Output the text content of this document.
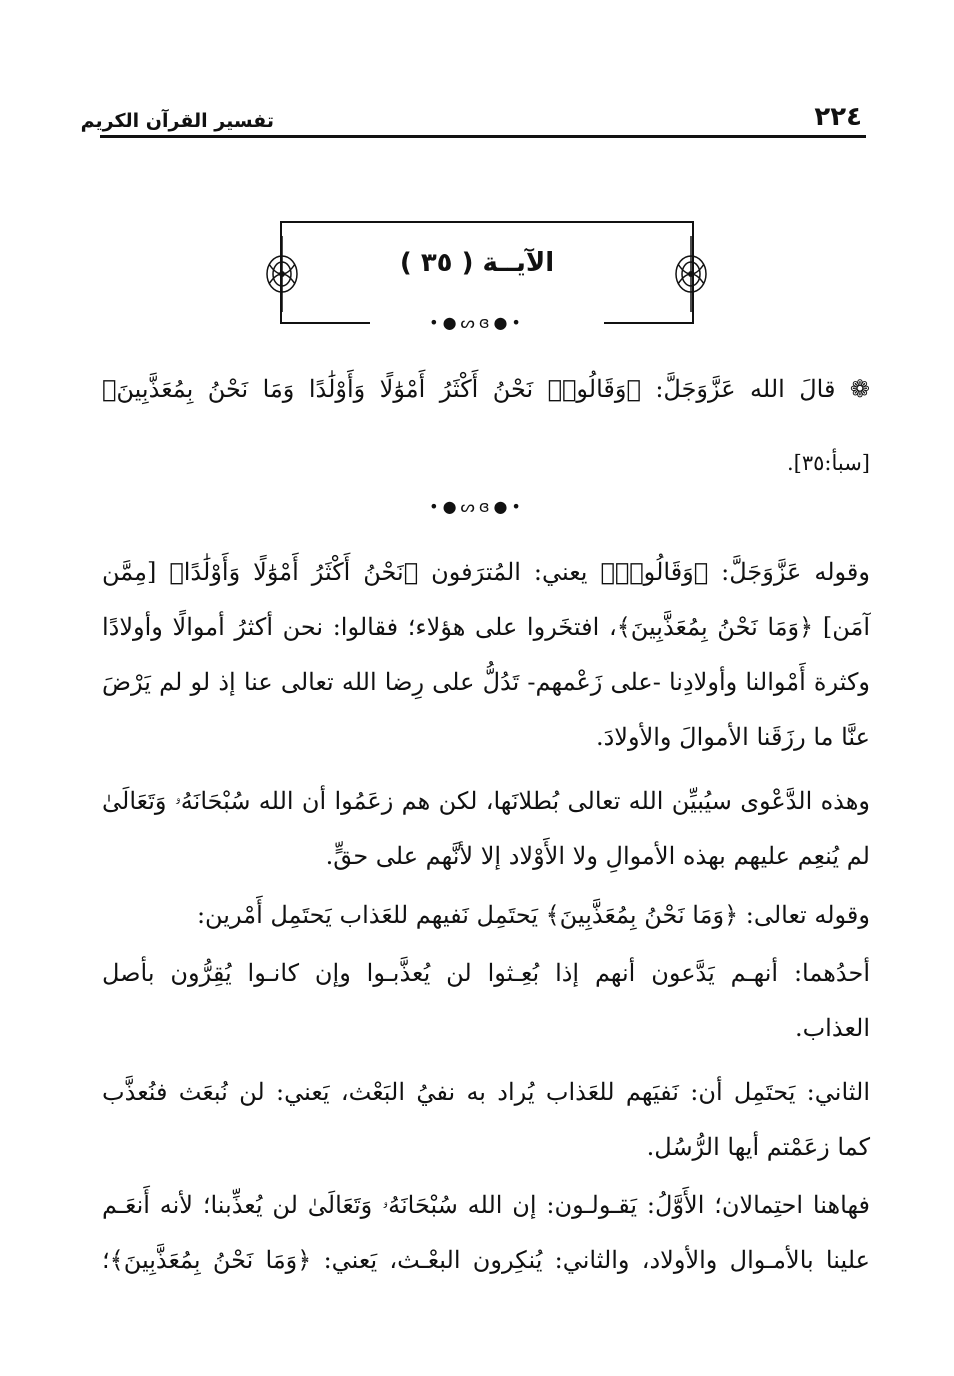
٢٢٤
تفسير القرآن الكريم
الآيــة ( ٣٥ )
•●ᔕɞ●•
❁ قالَ الله عَزَّوَجَلَّ: ﴿وَقَالُوا۟ نَحْنُ أَكْثَرُ أَمْوَٰلًا وَأَوْلَٰدًا وَمَا نَحْنُ بِمُعَذَّبِينَ﴾
[سبأ:٣٥].
•●ᔕɞ●•
وقوله عَزَّوَجَلَّ: ﴿وَقَالُوا۟﴾ يعني: المُترَفون ﴿نَحْنُ أَكْثَرُ أَمْوَٰلًا وَأَوْلَٰدًا﴾ [مِمَّن
آمَن] ﴿وَمَا نَحْنُ بِمُعَذَّبِينَ﴾، افتخَروا على هؤلاء؛ فقالوا: نحن أكثرُ أموالًا وأولادًا
وكثرة أَمْوالنا وأولادِنا -على زَعْمهم- تَدُلُّ على رِضا الله تعالى عنا إذ لو لم يَرْضَ
عنَّا ما رزَقَنا الأموالَ والأولادَ.
وهذه الدَّعْوى سيُبيِّن الله تعالى بُطلانَها، لكن هم زعَمُوا أن الله سُبْحَانَهُۥ وَتَعَالَىٰ
لم يُنعِم عليهم بهذه الأموالِ ولا الأَوْلاد إلا لأنَّهم على حقٍّ.
وقوله تعالى: ﴿وَمَا نَحْنُ بِمُعَذَّبِينَ﴾ يَحتَمِل نَفيهم للعَذاب يَحتَمِل أَمْرين:
أحدُهما: أنهـم يَدَّعون أنهم إذا بُعِـثوا لن يُعذَّبـوا وإن كانـوا يُقِرُّون بأصل
العذاب.
الثاني: يَحتَمِل أن: نَفيَهم للعَذاب يُراد به نفيُ البَعْث، يَعني: لن نُبعَث فنُعذَّب
كما زعَمْتم أيها الرُّسُل.
فهاهنا احتِمالان؛ الأَوَّلُ: يَقـولـون: إن الله سُبْحَانَهُۥ وَتَعَالَىٰ لن يُعذِّبنا؛ لأنه أَنعَـم
علينا بالأمـوال والأولاد، والثاني: يُنكِرون البعْـث، يَعني: ﴿وَمَا نَحْنُ بِمُعَذَّبِينَ﴾؛
